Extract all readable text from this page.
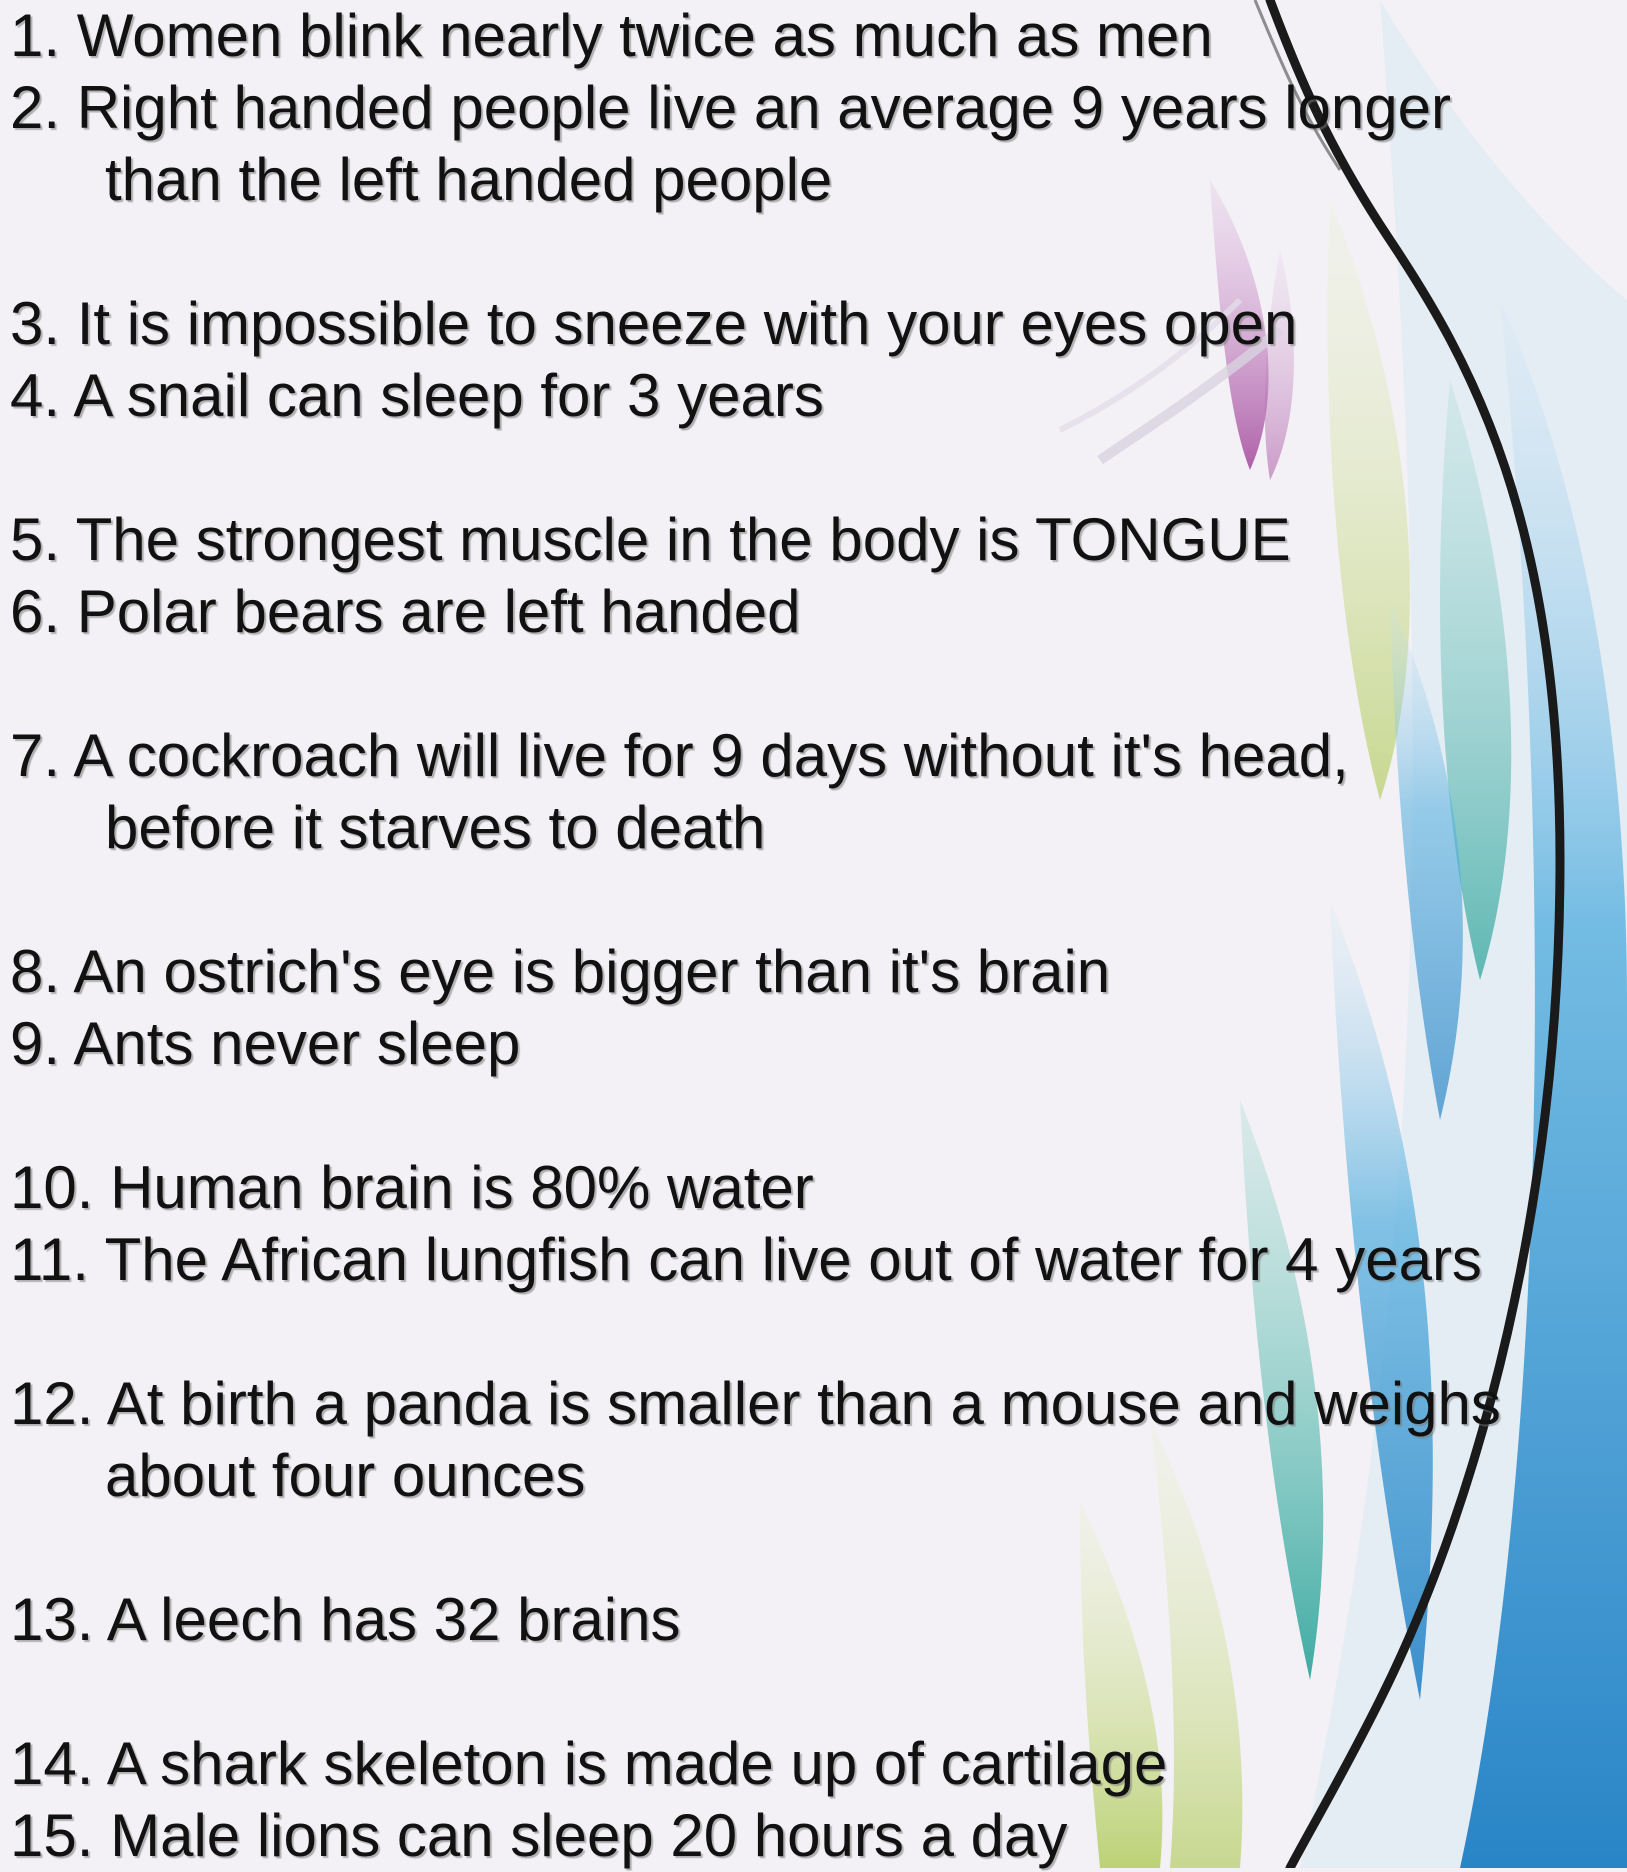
1. Women blink nearly twice as much as men
2. Right handed people live an average 9 years longer
than the left handed people
3. It is impossible to sneeze with your eyes open
4. A snail can sleep for 3 years
5. The strongest muscle in the body is TONGUE
6. Polar bears are left handed
7. A cockroach will live for 9 days without it's head,
before it starves to death
8. An ostrich's eye is bigger than it's brain
9. Ants never sleep
10. Human brain is 80% water
11. The African lungfish can live out of water for 4 years
12. At birth a panda is smaller than a mouse and weighs
about four ounces
13. A leech has 32 brains
14. A shark skeleton is made up of cartilage
15. Male lions can sleep 20 hours a day
